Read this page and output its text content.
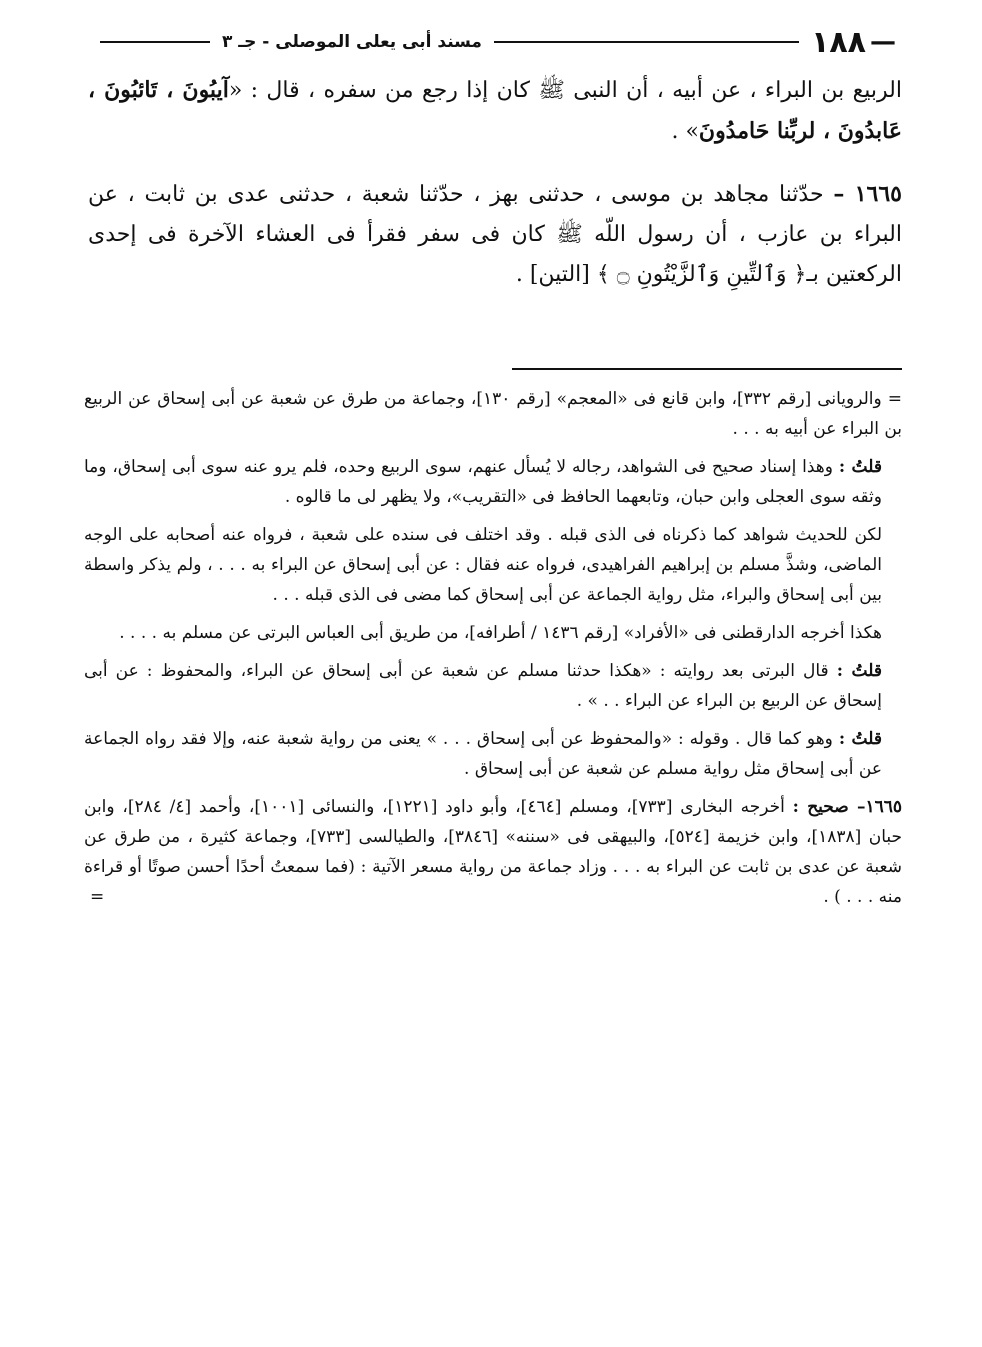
—
١٨٨
مسند أبى يعلى الموصلى - جـ ٣

الربيع بن البراء ، عن أبيه ، أن النبى ﷺ كان إذا رجع من سفره ، قال : «آيبُونَ ، تَائبُونَ ، عَابدُونَ ، لربِّنا حَامدُونَ» .

١٦٦٥ – حدّثنا مجاهد بن موسى ، حدثنى بهز ، حدّثنا شعبة ، حدثنى عدى بن ثابت ، عن البراء بن عازب ، أن رسول اللّه ﷺ كان فى سفر فقرأ فى العشاء الآخرة فى إحدى الركعتين بـ﴿ وَٱلتِّينِ وَٱلزَّيْتُونِ ۝ ﴾ [التين] .

=والرويانى [رقم ٣٣٢]، وابن قانع فى «المعجم» [رقم ١٣٠]، وجماعة من طرق عن شعبة عن أبى إسحاق عن الربيع بن البراء عن أبيه به . . .

قلتُ : وهذا إسناد صحيح فى الشواهد، رجاله لا يُسأل عنهم، سوى الربيع وحده، فلم يرو عنه سوى أبى إسحاق، وما وثقه سوى العجلى وابن حبان، وتابعهما الحافظ فى «التقريب»، ولا يظهر لى ما قالوه .

لكن للحديث شواهد كما ذكرناه فى الذى قبله . وقد اختلف فى سنده على شعبة ، فرواه عنه أصحابه على الوجه الماضى، وشذَّ مسلم بن إبراهيم الفراهيدى، فرواه عنه فقال : عن أبى إسحاق عن البراء به . . . ، ولم يذكر واسطة بين أبى إسحاق والبراء، مثل رواية الجماعة عن أبى إسحاق كما مضى فى الذى قبله . . .

هكذا أخرجه الدارقطنى فى «الأفراد» [رقم ١٤٣٦ / أطرافه]، من طريق أبى العباس البرتى عن مسلم به . . . .

قلتُ : قال البرتى بعد روايته : «هكذا حدثنا مسلم عن شعبة عن أبى إسحاق عن البراء، والمحفوظ : عن أبى إسحاق عن الربيع بن البراء عن البراء . . » .

قلتُ : وهو كما قال . وقوله : «والمحفوظ عن أبى إسحاق . . . » يعنى من رواية شعبة عنه، وإلا فقد رواه الجماعة عن أبى إسحاق مثل رواية مسلم عن شعبة عن أبى إسحاق .

١٦٦٥– صحيح : أخرجه البخارى [٧٣٣]، ومسلم [٤٦٤]، وأبو داود [١٢٢١]، والنسائى [١٠٠١]، وأحمد [٤/ ٢٨٤]، وابن حبان [١٨٣٨]، وابن خزيمة [٥٢٤]، والبيهقى فى «سننه» [٣٨٤٦]، والطيالسى [٧٣٣]، وجماعة كثيرة ، من طرق عن شعبة عن عدى بن ثابت عن البراء به . . . وزاد جماعة من رواية مسعر الآتية : (فما سمعتُ أحدًا أحسن صوتًا أو قراءة منه . . . ) .
=
